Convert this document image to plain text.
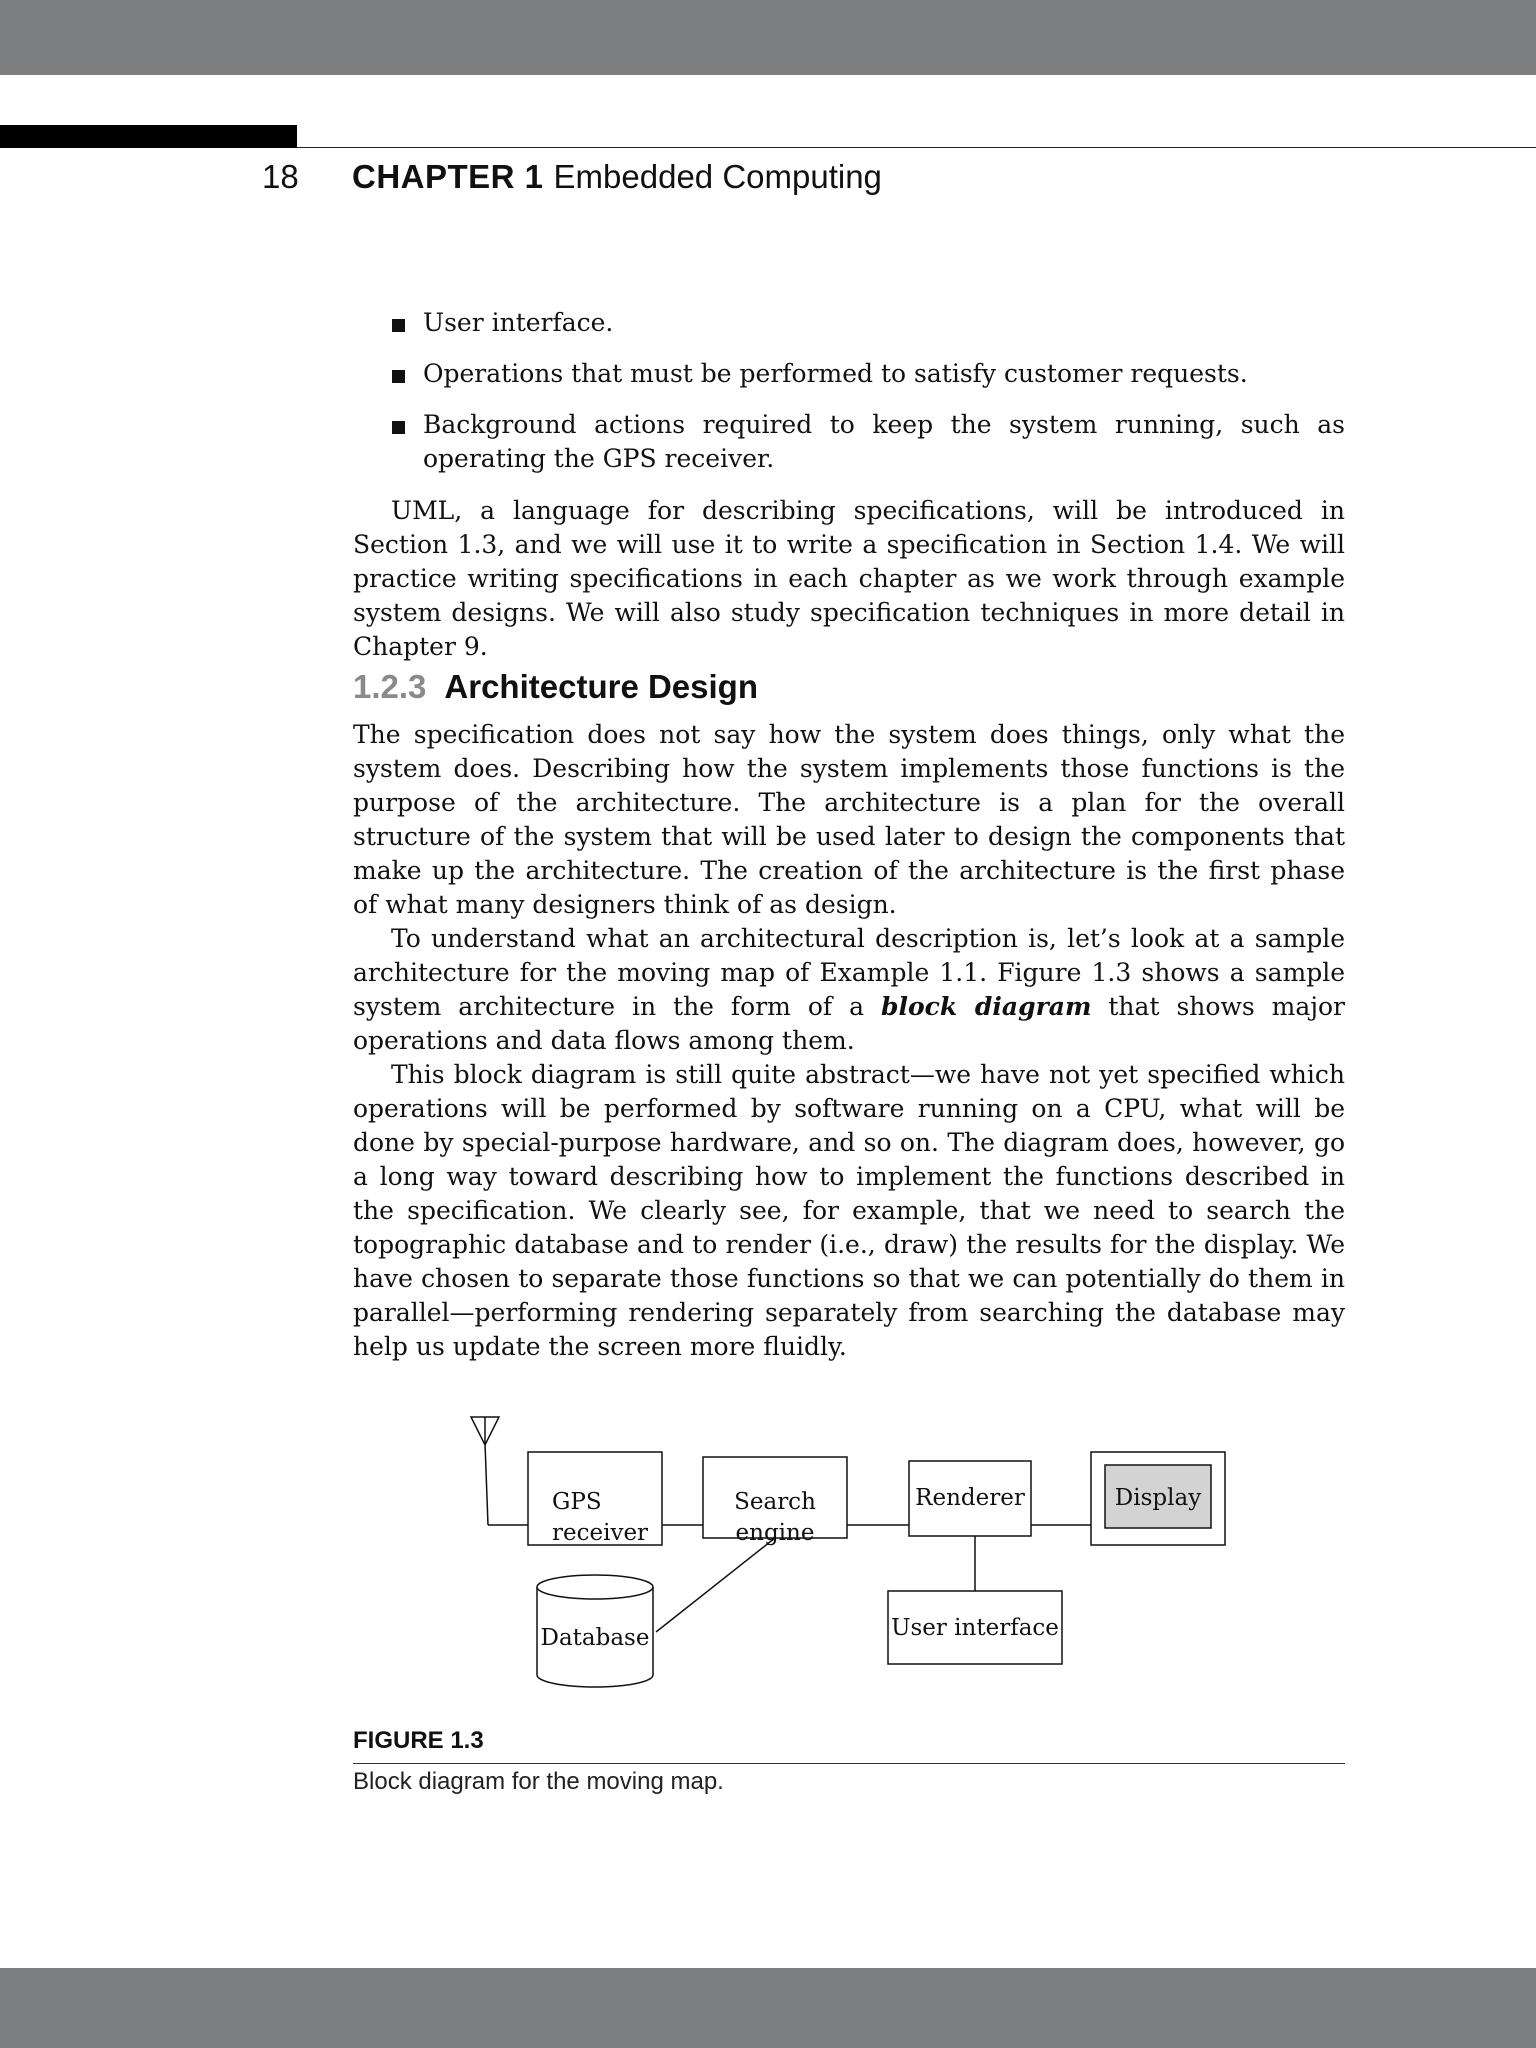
18 CHAPTER 1 Embedded Computing
User interface.
Operations that must be performed to satisfy customer requests.
Background actions required to keep the system running, such as operating the GPS receiver.

UML, a language for describing specifications, will be introduced in Section 1.3, and we will use it to write a specification in Section 1.4. We will practice writing specifications in each chapter as we work through example system designs. We will also study specification techniques in more detail in Chapter 9.

1.2.3 Architecture Design

The specification does not say how the system does things, only what the system does. Describing how the system implements those functions is the purpose of the architecture. The architecture is a plan for the overall structure of the system that will be used later to design the components that make up the architecture. The creation of the architecture is the first phase of what many designers think of as design.

To understand what an architectural description is, let’s look at a sample architecture for the moving map of Example 1.1. Figure 1.3 shows a sample system architecture in the form of a block diagram that shows major operations and data flows among them.

This block diagram is still quite abstract—we have not yet specified which operations will be performed by software running on a CPU, what will be done by special-purpose hardware, and so on. The diagram does, however, go a long way toward describing how to implement the functions described in the specification. We clearly see, for example, that we need to search the topographic database and to render (i.e., draw) the results for the display. We have chosen to separate those functions so that we can potentially do them in parallel—performing rendering separately from searching the database may help us update the screen more fluidly.

GPS
receiver
Search
engine
Renderer	Display
Database	User interface
FIGURE 1.3
Block diagram for the moving map.
